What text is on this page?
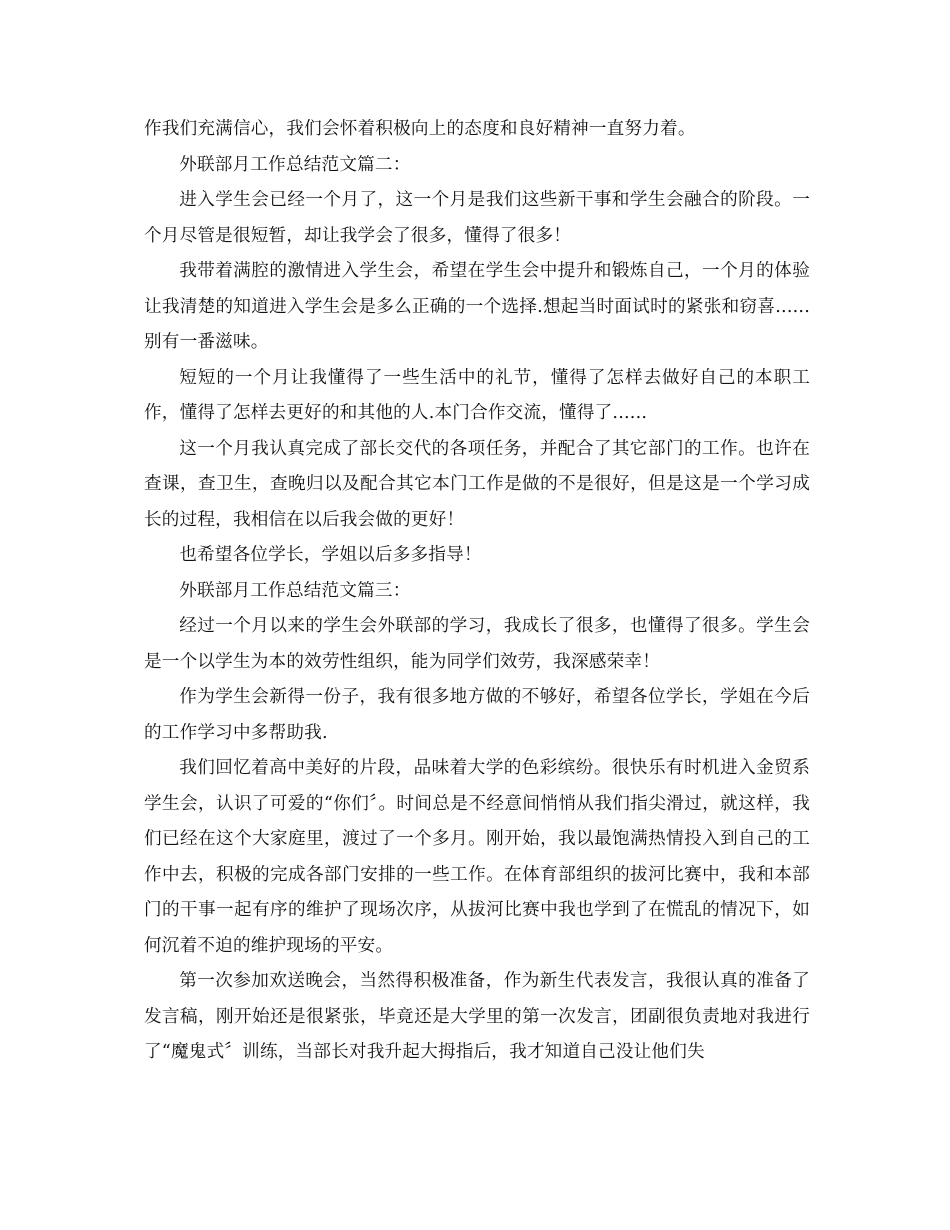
作我们充满信心，我们会怀着积极向上的态度和良好精神一直努力着。

外联部月工作总结范文篇二：

进入学生会已经一个月了，这一个月是我们这些新干事和学生会融合的阶段。一个月尽管是很短暂，却让我学会了很多，懂得了很多！

我带着满腔的激情进入学生会，希望在学生会中提升和锻炼自己，一个月的体验让我清楚的知道进入学生会是多么正确的一个选择.想起当时面试时的紧张和窃喜......别有一番滋味。

短短的一个月让我懂得了一些生活中的礼节，懂得了怎样去做好自己的本职工作，懂得了怎样去更好的和其他的人.本门合作交流，懂得了......

这一个月我认真完成了部长交代的各项任务，并配合了其它部门的工作。也许在查课，查卫生，查晚归以及配合其它本门工作是做的不是很好，但是这是一个学习成长的过程，我相信在以后我会做的更好！

也希望各位学长，学姐以后多多指导！

外联部月工作总结范文篇三：

经过一个月以来的学生会外联部的学习，我成长了很多，也懂得了很多。学生会是一个以学生为本的效劳性组织，能为同学们效劳，我深感荣幸！

作为学生会新得一份子，我有很多地方做的不够好，希望各位学长，学姐在今后的工作学习中多帮助我.

我们回忆着高中美好的片段，品味着大学的色彩缤纷。很快乐有时机进入金贸系学生会，认识了可爱的“你们〞。时间总是不经意间悄悄从我们指尖滑过，就这样，我们已经在这个大家庭里，渡过了一个多月。刚开始，我以最饱满热情投入到自己的工作中去，积极的完成各部门安排的一些工作。在体育部组织的拔河比赛中，我和本部门的干事一起有序的维护了现场次序，从拔河比赛中我也学到了在慌乱的情况下，如何沉着不迫的维护现场的平安。

第一次参加欢送晚会，当然得积极准备，作为新生代表发言，我很认真的准备了发言稿，刚开始还是很紧张，毕竟还是大学里的第一次发言，团副很负责地对我进行了“魔鬼式〞训练，当部长对我升起大拇指后，我才知道自己没让他们失
